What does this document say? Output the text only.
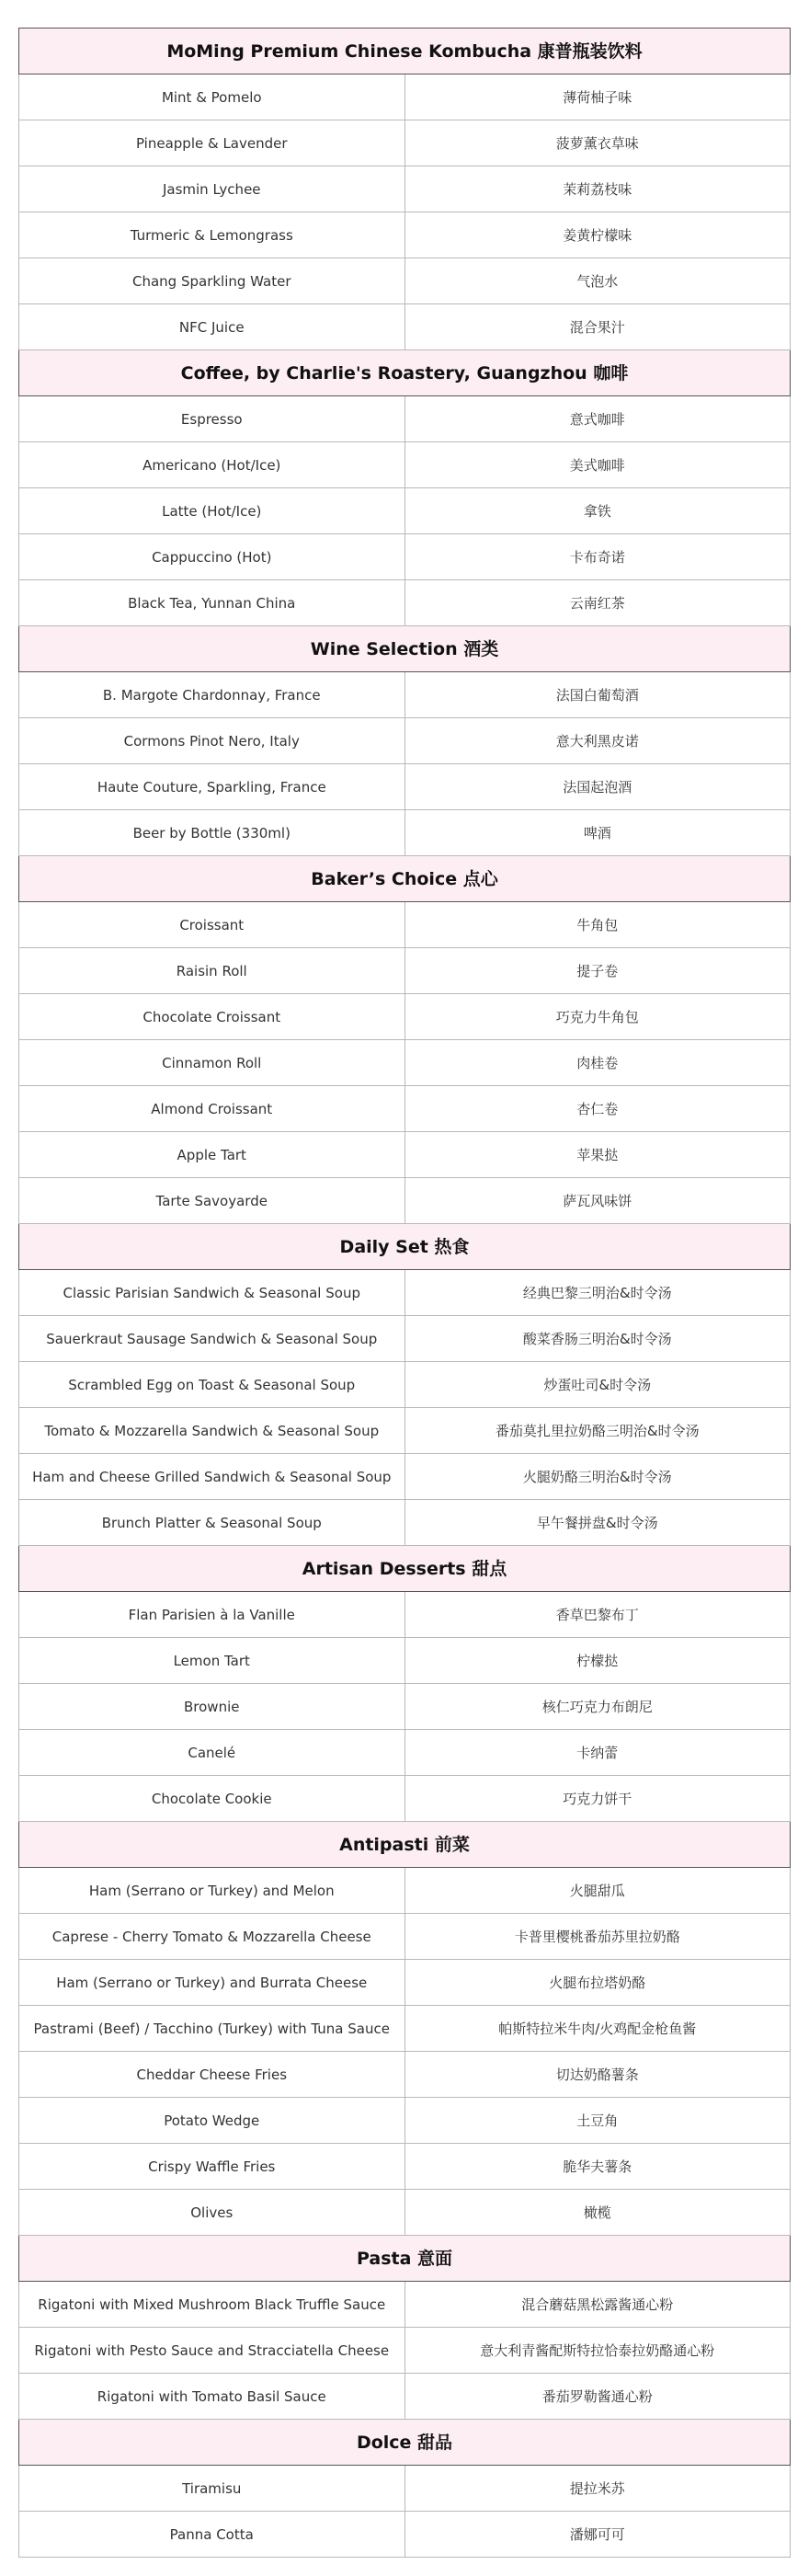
MoMing Premium Chinese Kombucha 康普瓶装饮料	
Mint & Pomelo	薄荷柚子味
Pineapple & Lavender	菠萝薰衣草味
Jasmin Lychee	茉莉荔枝味
Turmeric & Lemongrass	姜黄柠檬味
Chang Sparkling Water	气泡水
NFC Juice	混合果汁
Coffee, by Charlie's Roastery, Guangzhou 咖啡	
Espresso	意式咖啡
Americano (Hot/Ice)	美式咖啡
Latte (Hot/Ice)	拿铁
Cappuccino (Hot)	卡布奇诺
Black Tea, Yunnan China	云南红茶
Wine Selection 酒类	
B. Margote Chardonnay, France	法国白葡萄酒
Cormons Pinot Nero, Italy	意大利黑皮诺
Haute Couture, Sparkling, France	法国起泡酒
Beer by Bottle (330ml)	啤酒
Baker’s Choice 点心	
Croissant	牛角包
Raisin Roll	提子卷
Chocolate Croissant	巧克力牛角包
Cinnamon Roll	肉桂卷
Almond Croissant	杏仁卷
Apple Tart	苹果挞
Tarte Savoyarde	萨瓦风味饼
Daily Set 热食	
Classic Parisian Sandwich & Seasonal Soup	经典巴黎三明治&时令汤
Sauerkraut Sausage Sandwich & Seasonal Soup	酸菜香肠三明治&时令汤
Scrambled Egg on Toast & Seasonal Soup	炒蛋吐司&时令汤
Tomato & Mozzarella Sandwich & Seasonal Soup	番茄莫扎里拉奶酪三明治&时令汤
Ham and Cheese Grilled Sandwich & Seasonal Soup	火腿奶酪三明治&时令汤
Brunch Platter & Seasonal Soup	早午餐拼盘&时令汤
Artisan Desserts 甜点	
Flan Parisien à la Vanille	香草巴黎布丁
Lemon Tart	柠檬挞
Brownie	核仁巧克力布朗尼
Canelé	卡纳蕾
Chocolate Cookie	巧克力饼干
Antipasti 前菜	
Ham (Serrano or Turkey) and Melon	火腿甜瓜
Caprese - Cherry Tomato & Mozzarella Cheese	卡普里樱桃番茄苏里拉奶酪
Ham (Serrano or Turkey) and Burrata Cheese	火腿布拉塔奶酪
Pastrami (Beef) / Tacchino (Turkey) with Tuna Sauce	帕斯特拉米牛肉/火鸡配金枪鱼酱
Cheddar Cheese Fries	切达奶酪薯条
Potato Wedge	土豆角
Crispy Waffle Fries	脆华夫薯条
Olives	橄榄
Pasta 意面	
Rigatoni with Mixed Mushroom Black Truffle Sauce	混合蘑菇黑松露酱通心粉
Rigatoni with Pesto Sauce and Stracciatella Cheese	意大利青酱配斯特拉恰泰拉奶酪通心粉
Rigatoni with Tomato Basil Sauce	番茄罗勒酱通心粉
Dolce 甜品	
Tiramisu	提拉米苏
Panna Cotta	潘娜可可
